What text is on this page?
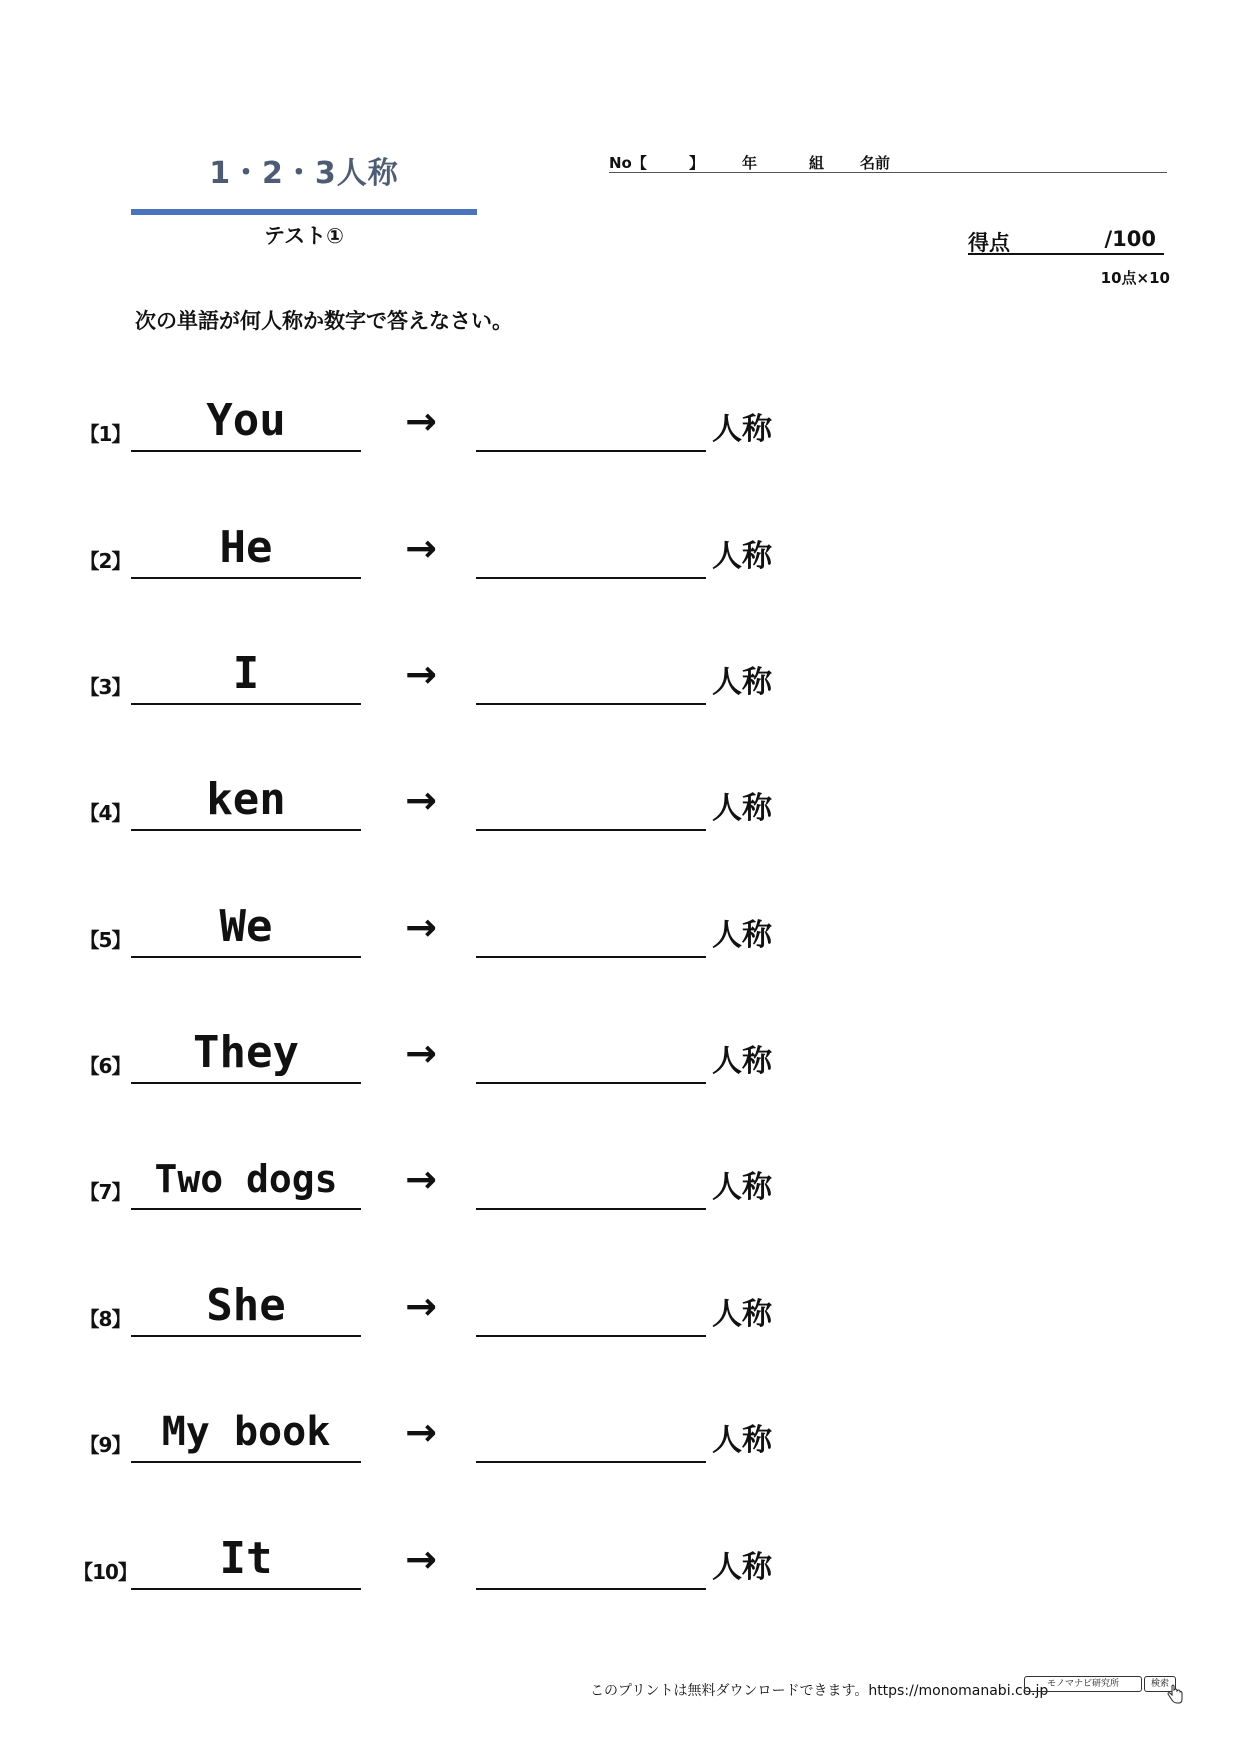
1・2・3人称
テスト①
No【	】	年	組 名前
得点	/100
10点×10
次の単語が何人称か数字で答えなさい。
【1】	You	→	人称
【2】	He	→	人称
【3】	I	→	人称
【4】	ken	→	人称
【5】	We	→	人称
【6】	They	→	人称
【7】 Two dogs	→	人称
【8】	She	→	人称
【9】 My book	→	人称
【10】	It	→	人称
このプリントは無料ダウンロードできます。https://monomanabi.co.jp
モノマナビ研究所	検索
